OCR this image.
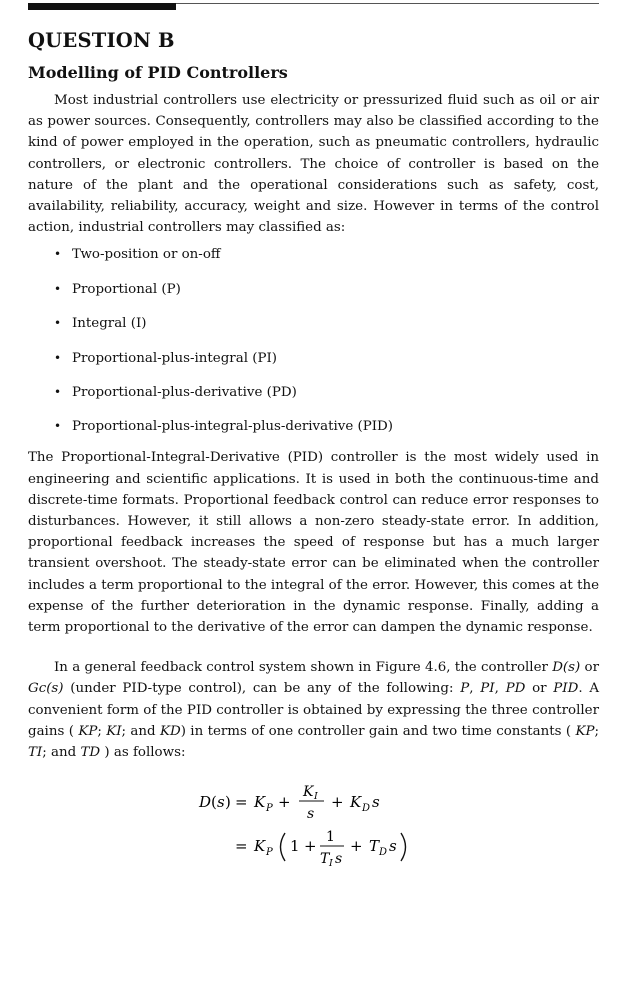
QUESTION B
Modelling of PID Controllers

Most industrial controllers use electricity or pressurized fluid such as oil or air as power sources. Consequently, controllers may also be classified according to the kind of power employed in the operation, such as pneumatic controllers, hydraulic controllers, or electronic controllers. The choice of controller is based on the nature of the plant and the operational considerations such as safety, cost, availability, reliability, accuracy, weight and size. However in terms of the control action, industrial controllers may classified as:

• Two-position or on-off
• Proportional (P)
• Integral (I)
• Proportional-plus-integral (PI)
• Proportional-plus-derivative (PD)
• Proportional-plus-integral-plus-derivative (PID)

The Proportional-Integral-Derivative (PID) controller is the most widely used in engineering and scientific applications. It is used in both the continuous-time and discrete-time formats. Proportional feedback control can reduce error responses to disturbances. However, it still allows a non-zero steady-state error. In addition, proportional feedback increases the speed of response but has a much larger transient overshoot. The steady-state error can be eliminated when the controller includes a term proportional to the integral of the error. However, this comes at the expense of the further deterioration in the dynamic response. Finally, adding a term proportional to the derivative of the error can dampen the dynamic response.

In a general feedback control system shown in Figure 4.6, the controller D(s) or Gc(s) (under PID-type control), can be any of the following: P, PI, PD or PID. A convenient form of the PID controller is obtained by expressing the three controller gains ( KP; KI; and KD) in terms of one controller gain and two time constants ( KP; TI; and TD ) as follows:

D ( s ) = K P +
K I
s
+ K D s
= K P 1 + 1
T I s
+ T D s
